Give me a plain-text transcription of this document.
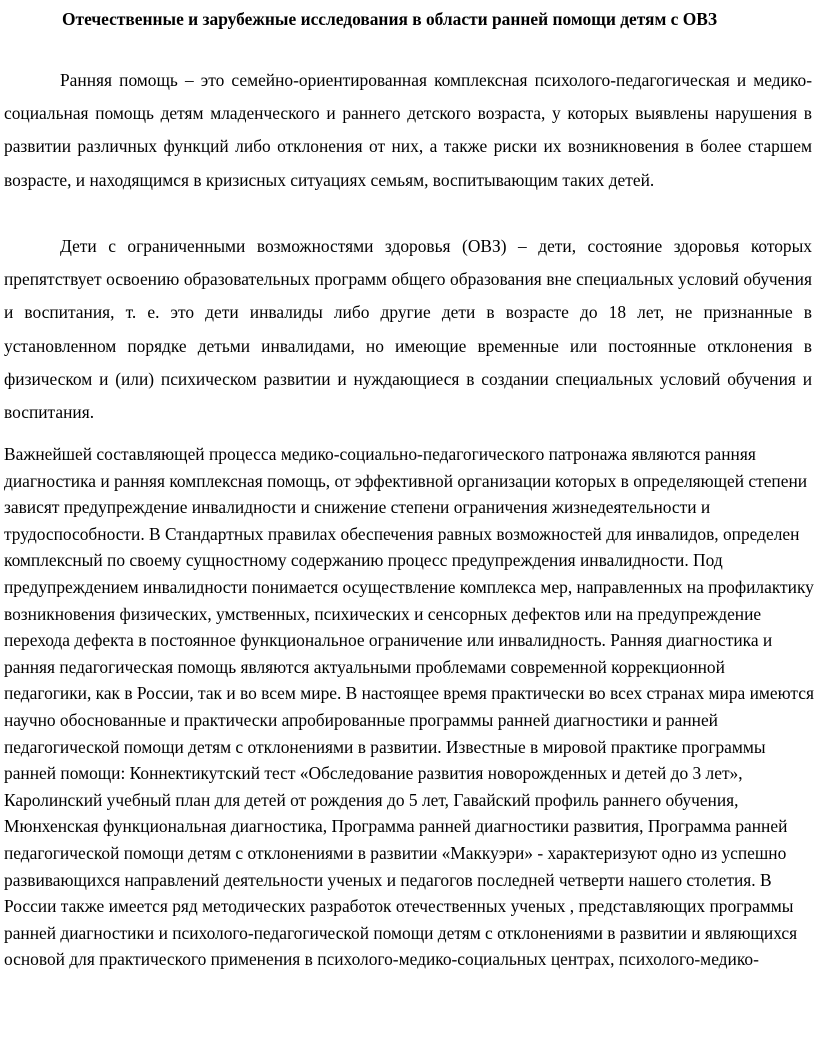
Отечественные и зарубежные исследования в области ранней помощи детям с ОВЗ

Ранняя помощь – это семейно-ориентированная комплексная психолого-педагогическая и медико-социальная помощь детям младенческого и раннего детского возраста, у которых выявлены нарушения в развитии различных функций либо отклонения от них, а также риски их возникновения в более старшем возрасте, и находящимся в кризисных ситуациях семьям, воспитывающим таких детей.

Дети с ограниченными возможностями здоровья (ОВЗ) – дети, состояние здоровья которых препятствует освоению образовательных программ общего образования вне специальных условий обучения и воспитания, т. е. это дети инвалиды либо другие дети в возрасте до 18 лет, не признанные в установленном порядке детьми инвалидами, но имеющие временные или постоянные отклонения в физическом и (или) психическом развитии и нуждающиеся в создании специальных условий обучения и воспитания.

Важнейшей составляющей процесса медико-социально-педагогического патронажа являются ранняя диагностика и ранняя комплексная помощь, от эффективной организации которых в определяющей степени зависят предупреждение инвалидности и снижение степени ограничения жизнедеятельности и трудоспособности. В Стандартных правилах обеспечения равных возможностей для инвалидов, определен комплексный по своему сущностному содержанию процесс предупреждения инвалидности. Под предупреждением инвалидности понимается осуществление комплекса мер, направленных на профилактику возникновения физических, умственных, психических и сенсорных дефектов или на предупреждение перехода дефекта в постоянное функциональное ограничение или инвалидность. Ранняя диагностика и ранняя педагогическая помощь являются актуальными проблемами современной коррекционной педагогики, как в России, так и во всем мире. В настоящее время практически во всех странах мира имеются научно обоснованные и практически апробированные программы ранней диагностики и ранней педагогической помощи детям с отклонениями в развитии. Известные в мировой практике программы ранней помощи: Коннектикутский тест «Обследование развития новорожденных и детей до 3 лет», Каролинский учебный план для детей от рождения до 5 лет, Гавайский профиль раннего обучения, Мюнхенская функциональная диагностика, Программа ранней диагностики развития, Программа ранней педагогической помощи детям с отклонениями в развитии «Маккуэри» - характеризуют одно из успешно развивающихся направлений деятельности ученых и педагогов последней четверти нашего столетия. В России также имеется ряд методических разработок отечественных ученых , представляющих программы ранней диагностики и психолого-педагогической помощи детям с отклонениями в развитии и являющихся основой для практического применения в психолого-медико-социальных центрах, психолого-медико-
